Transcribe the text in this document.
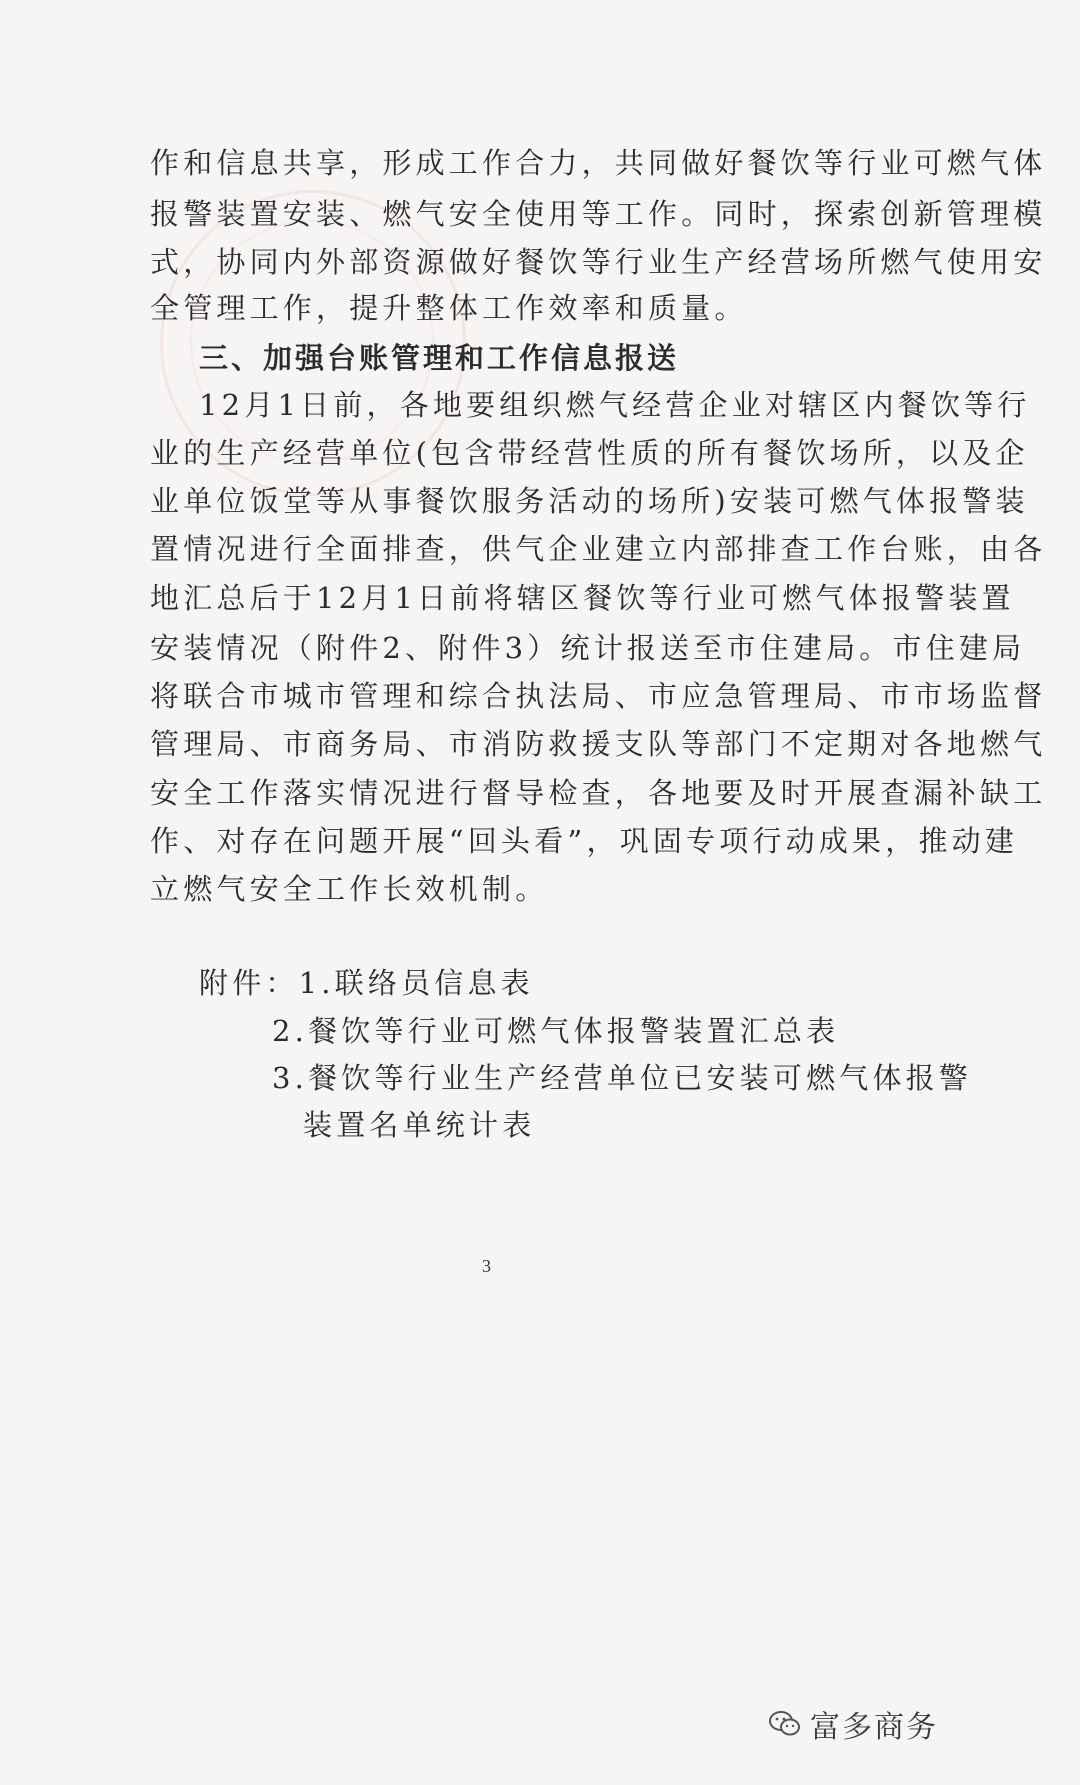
作和信息共享，形成工作合力，共同做好餐饮等行业可燃气体
报警装置安装、燃气安全使用等工作。同时，探索创新管理模
式，协同内外部资源做好餐饮等行业生产经营场所燃气使用安
全管理工作，提升整体工作效率和质量。
三、加强台账管理和工作信息报送
12月1日前，各地要组织燃气经营企业对辖区内餐饮等行
业的生产经营单位(包含带经营性质的所有餐饮场所，以及企
业单位饭堂等从事餐饮服务活动的场所)安装可燃气体报警装
置情况进行全面排查，供气企业建立内部排查工作台账，由各
地汇总后于12月1日前将辖区餐饮等行业可燃气体报警装置
安装情况（附件2、附件3）统计报送至市住建局。市住建局
将联合市城市管理和综合执法局、市应急管理局、市市场监督
管理局、市商务局、市消防救援支队等部门不定期对各地燃气
安全工作落实情况进行督导检查，各地要及时开展查漏补缺工
作、对存在问题开展“回头看”，巩固专项行动成果，推动建
立燃气安全工作长效机制。
附件：1.联络员信息表
2.餐饮等行业可燃气体报警装置汇总表
3.餐饮等行业生产经营单位已安装可燃气体报警
装置名单统计表
3
富多商务
